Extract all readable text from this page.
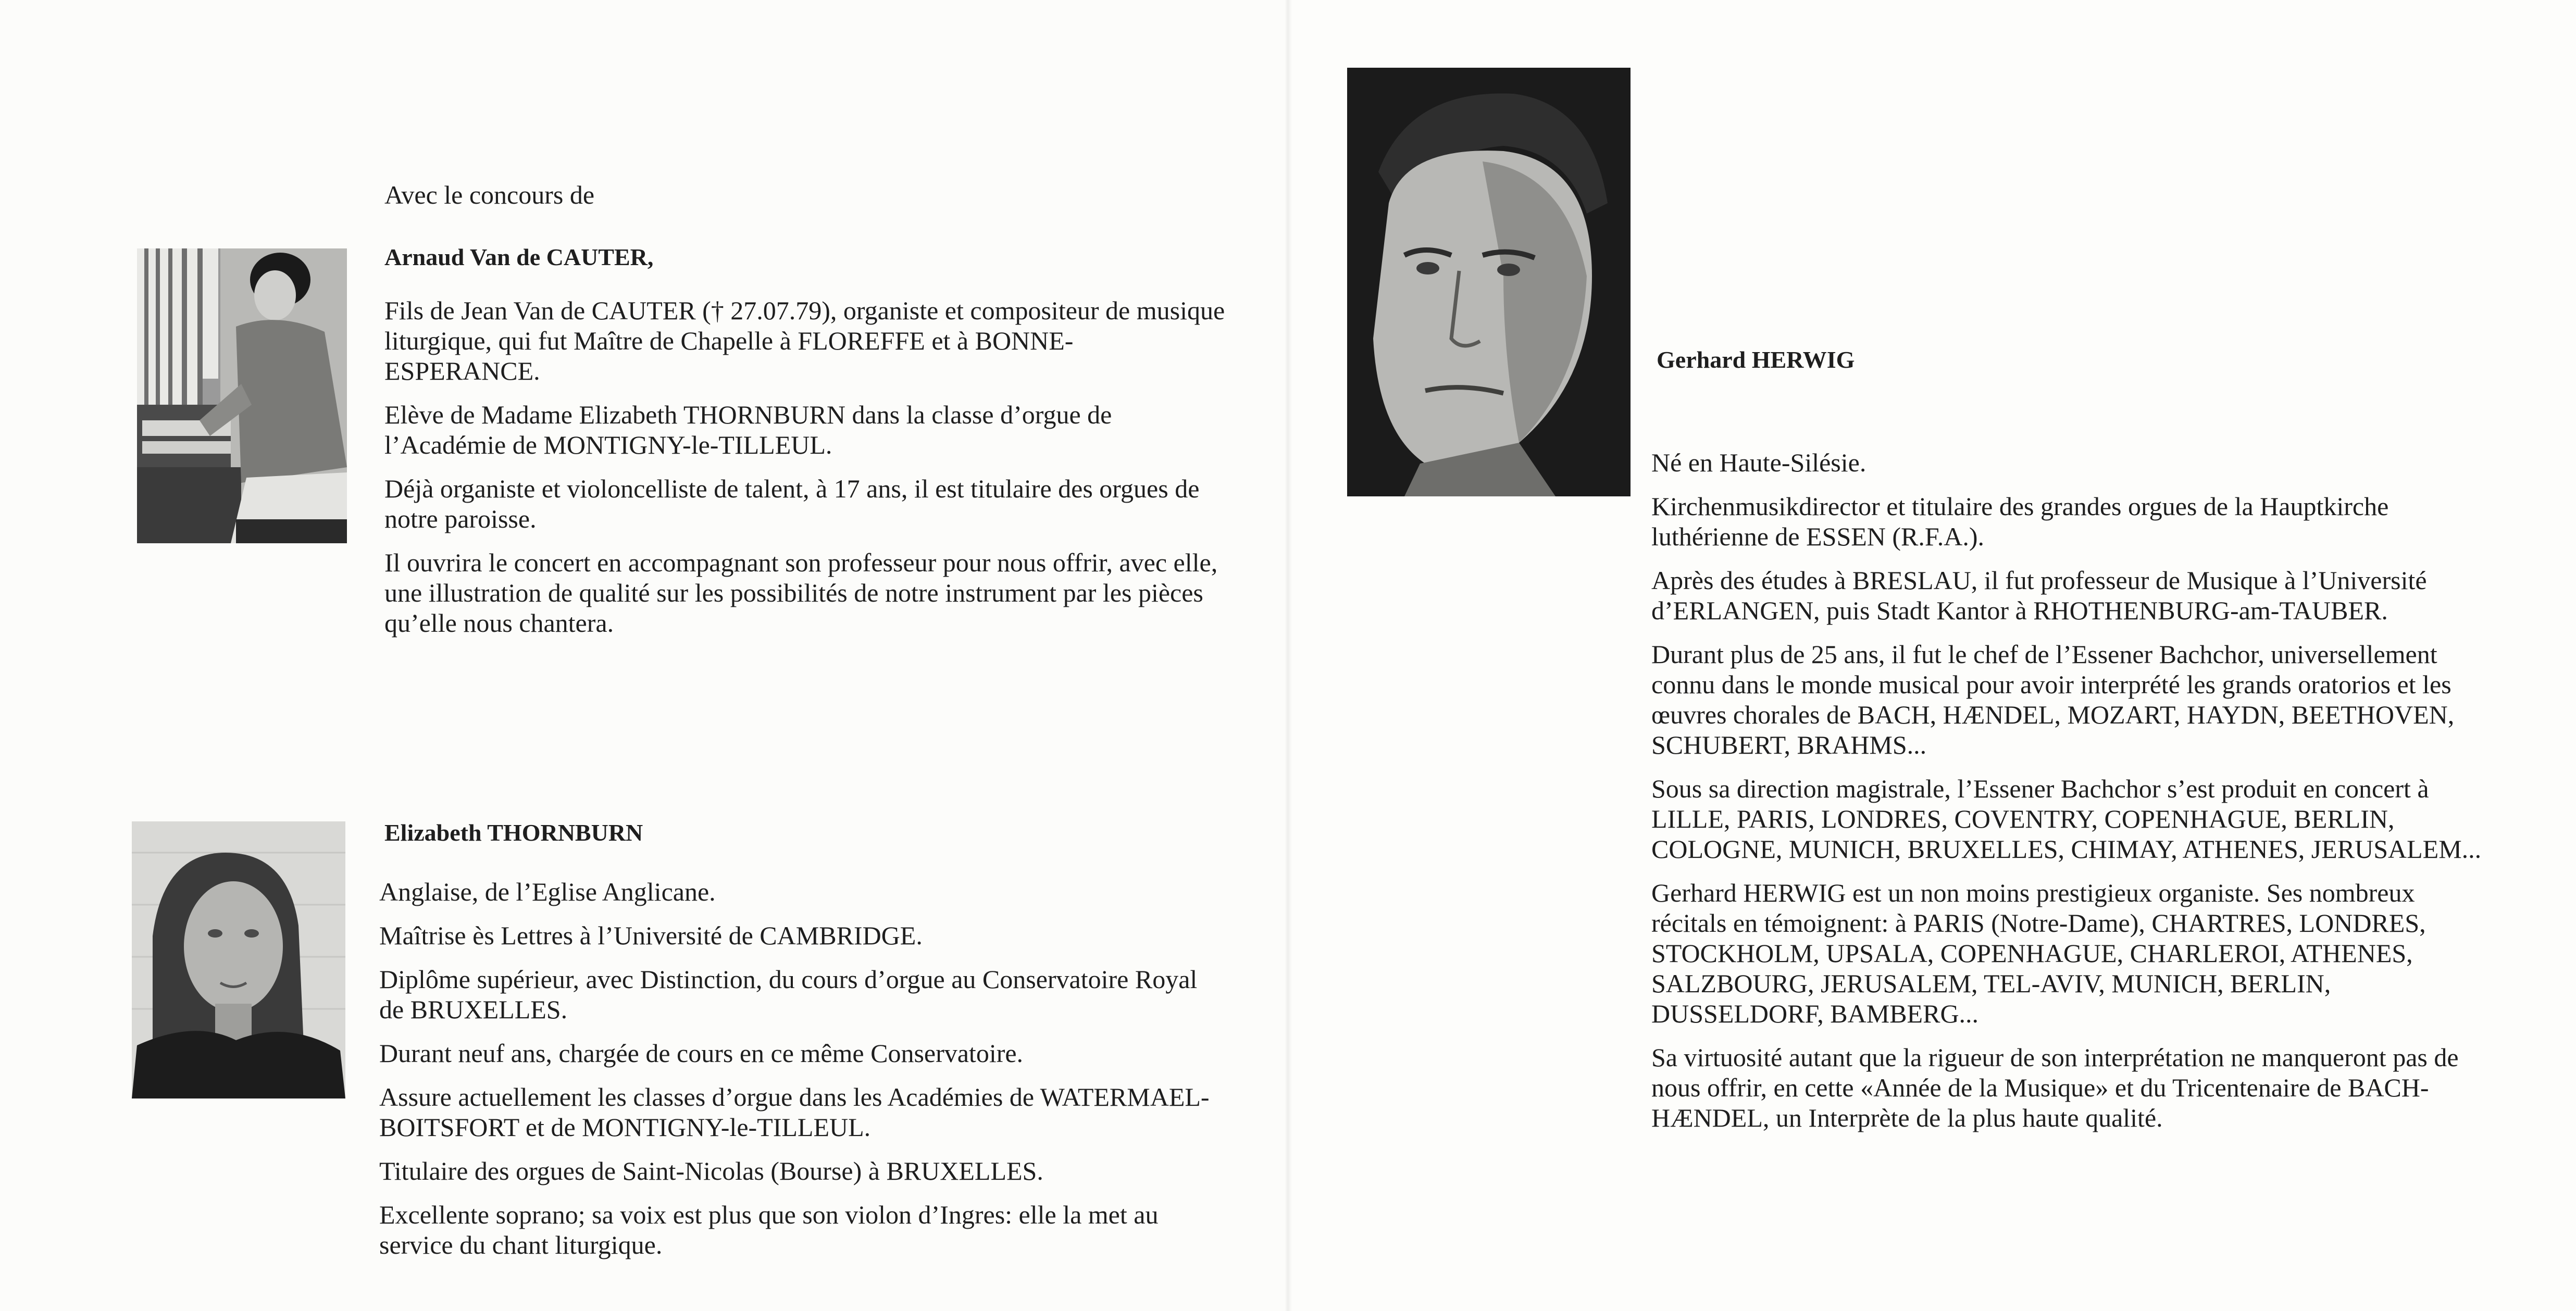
Avec le concours de
Arnaud Van de CAUTER,

Fils de Jean Van de CAUTER († 27.07.79), organiste et compositeur de musique liturgique, qui fut Maître de Chapelle à FLOREFFE et à BONNE-ESPERANCE.

Elève de Madame Elizabeth THORNBURN dans la classe d’orgue de l’Académie de MONTIGNY-le-TILLEUL.

Déjà organiste et violoncelliste de talent, à 17 ans, il est titulaire des orgues de notre paroisse.

Il ouvrira le concert en accompagnant son professeur pour nous offrir, avec elle, une illustration de qualité sur les possibilités de notre instrument par les pièces qu’elle nous chantera.

Elizabeth THORNBURN

Anglaise, de l’Eglise Anglicane.

Maîtrise ès Lettres à l’Université de CAMBRIDGE.

Diplôme supérieur, avec Distinction, du cours d’orgue au Conservatoire Royal de BRUXELLES.

Durant neuf ans, chargée de cours en ce même Conservatoire.

Assure actuellement les classes d’orgue dans les Académies de WATERMAEL-BOITSFORT et de MONTIGNY-le-TILLEUL.

Titulaire des orgues de Saint-Nicolas (Bourse) à BRUXELLES.

Excellente soprano; sa voix est plus que son violon d’Ingres: elle la met au service du chant liturgique.

Gerhard HERWIG

Né en Haute-Silésie.

Kirchenmusikdirector et titulaire des grandes orgues de la Hauptkirche luthérienne de ESSEN (R.F.A.).

Après des études à BRESLAU, il fut professeur de Musique à l’Université d’ERLANGEN, puis Stadt Kantor à RHOTHENBURG-am-TAUBER.

Durant plus de 25 ans, il fut le chef de l’Essener Bachchor, universellement connu dans le monde musical pour avoir interprété les grands oratorios et les œuvres chorales de BACH, HÆNDEL, MOZART, HAYDN, BEETHOVEN, SCHUBERT, BRAHMS...

Sous sa direction magistrale, l’Essener Bachchor s’est produit en concert à LILLE, PARIS, LONDRES, COVENTRY, COPENHAGUE, BERLIN, COLOGNE, MUNICH, BRUXELLES, CHIMAY, ATHENES, JERUSALEM...

Gerhard HERWIG est un non moins prestigieux organiste. Ses nombreux récitals en témoignent: à PARIS (Notre-Dame), CHARTRES, LONDRES, STOCKHOLM, UPSALA, COPENHAGUE, CHARLEROI, ATHENES, SALZBOURG, JERUSALEM, TEL-AVIV, MUNICH, BERLIN, DUSSELDORF, BAMBERG...

Sa virtuosité autant que la rigueur de son interprétation ne manqueront pas de nous offrir, en cette «Année de la Musique» et du Tricentenaire de BACH-HÆNDEL, un Interprète de la plus haute qualité.
